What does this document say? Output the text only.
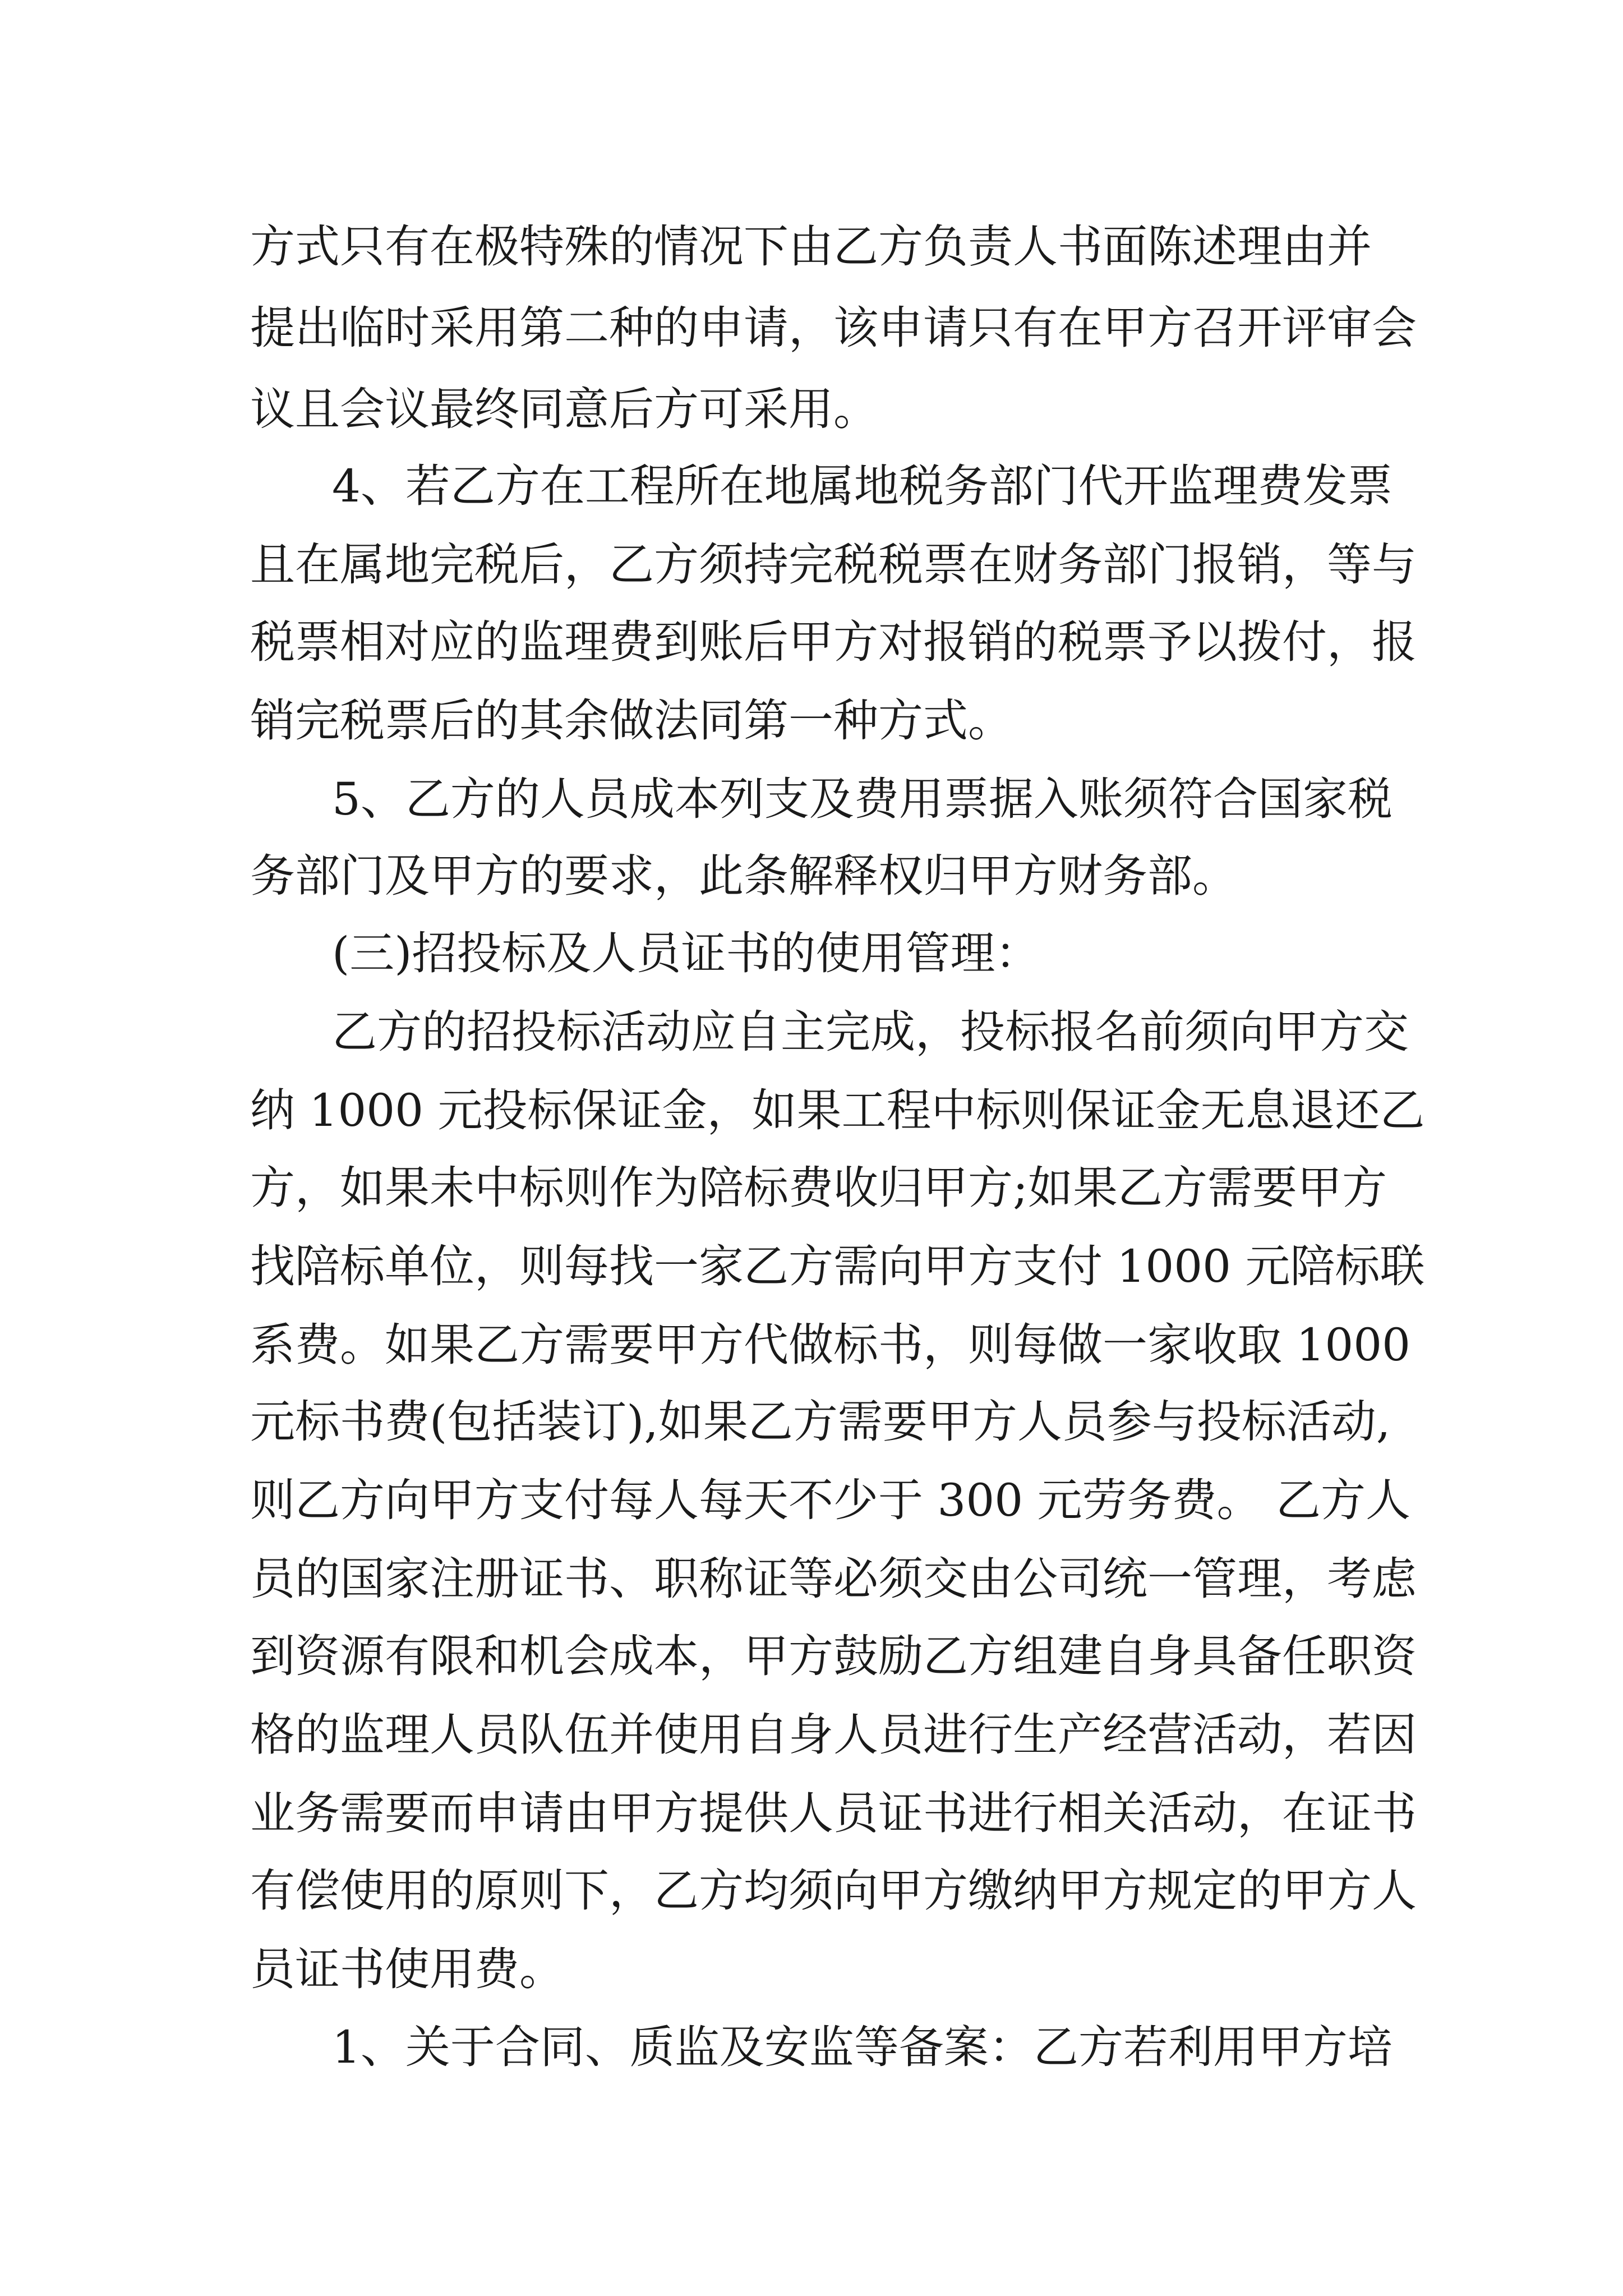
方式只有在极特殊的情况下由乙方负责人书面陈述理由并

提出临时采用第二种的申请，该申请只有在甲方召开评审会

议且会议最终同意后方可采用。

4、若乙方在工程所在地属地税务部门代开监理费发票

且在属地完税后，乙方须持完税税票在财务部门报销，等与

税票相对应的监理费到账后甲方对报销的税票予以拨付，报

销完税票后的其余做法同第一种方式。

5、乙方的人员成本列支及费用票据入账须符合国家税

务部门及甲方的要求，此条解释权归甲方财务部。

(三)招投标及人员证书的使用管理：

乙方的招投标活动应自主完成，投标报名前须向甲方交

纳 1000 元投标保证金，如果工程中标则保证金无息退还乙

方，如果未中标则作为陪标费收归甲方;如果乙方需要甲方

找陪标单位，则每找一家乙方需向甲方支付 1000 元陪标联

系费。如果乙方需要甲方代做标书，则每做一家收取 1000

元标书费(包括装订),如果乙方需要甲方人员参与投标活动,

则乙方向甲方支付每人每天不少于 300 元劳务费。 乙方人

员的国家注册证书、职称证等必须交由公司统一管理，考虑

到资源有限和机会成本，甲方鼓励乙方组建自身具备任职资

格的监理人员队伍并使用自身人员进行生产经营活动，若因

业务需要而申请由甲方提供人员证书进行相关活动，在证书

有偿使用的原则下，乙方均须向甲方缴纳甲方规定的甲方人

员证书使用费。

1、关于合同、质监及安监等备案：乙方若利用甲方培
